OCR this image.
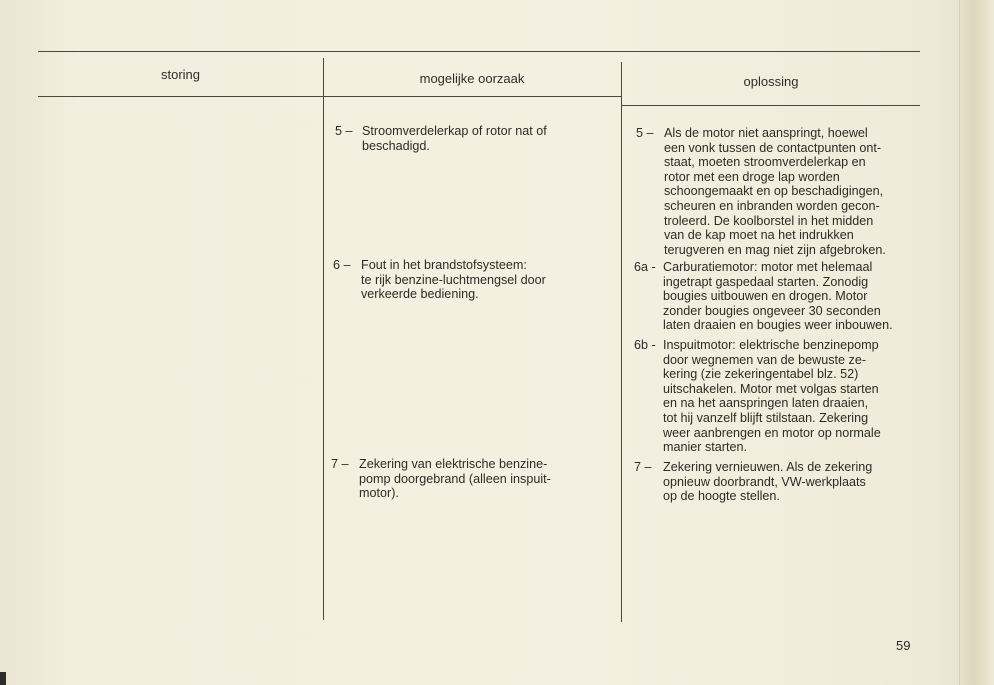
storing	mogelijke oorzaak	oplossing
5 – Stroomverdelerkap of rotor nat of
beschadigd.
6 – Fout in het brandstofsysteem:
te rijk benzine-luchtmengsel door
verkeerde bediening.
7 – Zekering van elektrische benzine-
pomp doorgebrand (alleen inspuit-
motor).
5 – Als de motor niet aanspringt, hoewel
een vonk tussen de contactpunten ont-
staat, moeten stroomverdelerkap en
rotor met een droge lap worden
schoongemaakt en op beschadigingen,
scheuren en inbranden worden gecon-
troleerd. De koolborstel in het midden
van de kap moet na het indrukken
terugveren en mag niet zijn afgebroken.
6a - Carburatiemotor: motor met helemaal
ingetrapt gaspedaal starten. Zonodig
bougies uitbouwen en drogen. Motor
zonder bougies ongeveer 30 seconden
laten draaien en bougies weer inbouwen.
6b - Inspuitmotor: elektrische benzinepomp
door wegnemen van de bewuste ze-
kering (zie zekeringentabel blz. 52)
uitschakelen. Motor met volgas starten
en na het aanspringen laten draaien,
tot hij vanzelf blijft stilstaan. Zekering
weer aanbrengen en motor op normale
manier starten.
7 – Zekering vernieuwen. Als de zekering
opnieuw doorbrandt, VW-werkplaats
op de hoogte stellen.
59
